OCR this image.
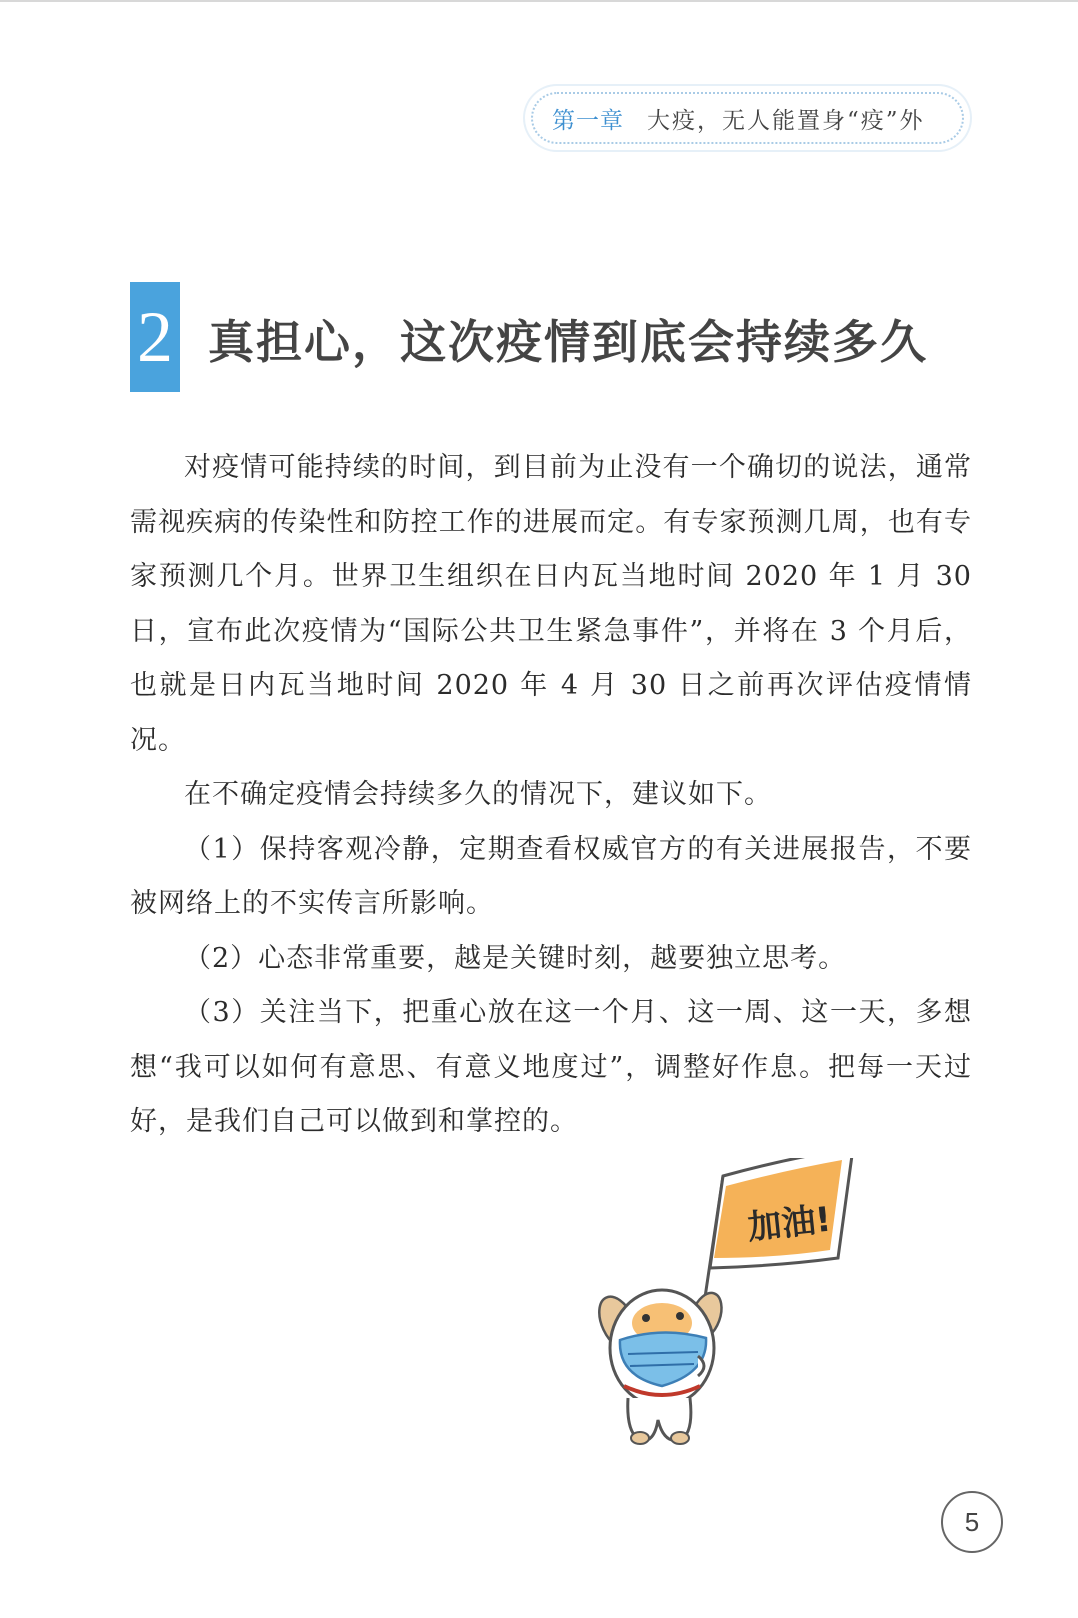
第一章 大疫，无人能置身“疫”外
2 真担心，这次疫情到底会持续多久

对疫情可能持续的时间，到目前为止没有一个确切的说法，通常需视疾病的传染性和防控工作的进展而定。有专家预测几周，也有专家预测几个月。世界卫生组织在日内瓦当地时间 2020 年 1 月 30 日，宣布此次疫情为“国际公共卫生紧急事件”，并将在 3 个月后，也就是日内瓦当地时间 2020 年 4 月 30 日之前再次评估疫情情况。

在不确定疫情会持续多久的情况下，建议如下。

（1）保持客观冷静，定期查看权威官方的有关进展报告，不要被网络上的不实传言所影响。

（2）心态非常重要，越是关键时刻，越要独立思考。

（3）关注当下，把重心放在这一个月、这一周、这一天，多想想“我可以如何有意思、有意义地度过”，调整好作息。把每一天过好，是我们自己可以做到和掌控的。

加油!
5
